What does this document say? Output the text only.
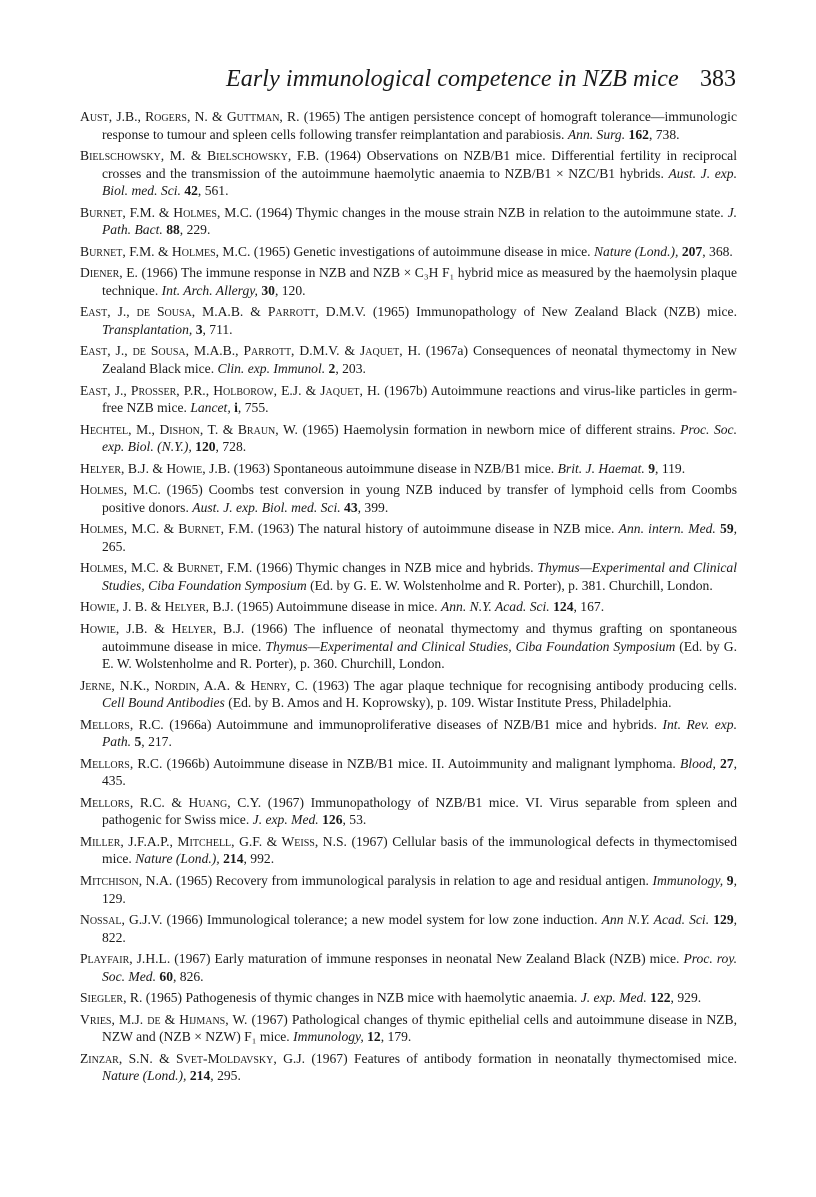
Early immunological competence in NZB mice 383
Aust, J.B., Rogers, N. & Guttman, R. (1965) The antigen persistence concept of homograft tolerance—immunologic response to tumour and spleen cells following transfer reimplantation and parabiosis. Ann. Surg. 162, 738.
Bielschowsky, M. & Bielschowsky, F.B. (1964) Observations on NZB/B1 mice. Differential fertility in reciprocal crosses and the transmission of the autoimmune haemolytic anaemia to NZB/B1 × NZC/B1 hybrids. Aust. J. exp. Biol. med. Sci. 42, 561.
Burnet, F.M. & Holmes, M.C. (1964) Thymic changes in the mouse strain NZB in relation to the autoimmune state. J. Path. Bact. 88, 229.
Burnet, F.M. & Holmes, M.C. (1965) Genetic investigations of autoimmune disease in mice. Nature (Lond.), 207, 368.
Diener, E. (1966) The immune response in NZB and NZB × C₃H F₁ hybrid mice as measured by the haemolysin plaque technique. Int. Arch. Allergy, 30, 120.
East, J., de Sousa, M.A.B. & Parrott, D.M.V. (1965) Immunopathology of New Zealand Black (NZB) mice. Transplantation, 3, 711.
East, J., de Sousa, M.A.B., Parrott, D.M.V. & Jaquet, H. (1967a) Consequences of neonatal thymectomy in New Zealand Black mice. Clin. exp. Immunol. 2, 203.
East, J., Prosser, P.R., Holborow, E.J. & Jaquet, H. (1967b) Autoimmune reactions and virus-like particles in germ-free NZB mice. Lancet, i, 755.
Hechtel, M., Dishon, T. & Braun, W. (1965) Haemolysin formation in newborn mice of different strains. Proc. Soc. exp. Biol. (N.Y.), 120, 728.
Helyer, B.J. & Howie, J.B. (1963) Spontaneous autoimmune disease in NZB/B1 mice. Brit. J. Haemat. 9, 119.
Holmes, M.C. (1965) Coombs test conversion in young NZB induced by transfer of lymphoid cells from Coombs positive donors. Aust. J. exp. Biol. med. Sci. 43, 399.
Holmes, M.C. & Burnet, F.M. (1963) The natural history of autoimmune disease in NZB mice. Ann. intern. Med. 59, 265.
Holmes, M.C. & Burnet, F.M. (1966) Thymic changes in NZB mice and hybrids. Thymus—Experimental and Clinical Studies, Ciba Foundation Symposium (Ed. by G. E. W. Wolstenholme and R. Porter), p. 381. Churchill, London.
Howie, J. B. & Helyer, B.J. (1965) Autoimmune disease in mice. Ann. N.Y. Acad. Sci. 124, 167.
Howie, J.B. & Helyer, B.J. (1966) The influence of neonatal thymectomy and thymus grafting on spontaneous autoimmune disease in mice. Thymus—Experimental and Clinical Studies, Ciba Foundation Symposium (Ed. by G. E. W. Wolstenholme and R. Porter), p. 360. Churchill, London.
Jerne, N.K., Nordin, A.A. & Henry, C. (1963) The agar plaque technique for recognising antibody producing cells. Cell Bound Antibodies (Ed. by B. Amos and H. Koprowsky), p. 109. Wistar Institute Press, Philadelphia.
Mellors, R.C. (1966a) Autoimmune and immunoproliferative diseases of NZB/B1 mice and hybrids. Int. Rev. exp. Path. 5, 217.
Mellors, R.C. (1966b) Autoimmune disease in NZB/B1 mice. II. Autoimmunity and malignant lymphoma. Blood, 27, 435.
Mellors, R.C. & Huang, C.Y. (1967) Immunopathology of NZB/B1 mice. VI. Virus separable from spleen and pathogenic for Swiss mice. J. exp. Med. 126, 53.
Miller, J.F.A.P., Mitchell, G.F. & Weiss, N.S. (1967) Cellular basis of the immunological defects in thymectomised mice. Nature (Lond.), 214, 992.
Mitchison, N.A. (1965) Recovery from immunological paralysis in relation to age and residual antigen. Immunology, 9, 129.
Nossal, G.J.V. (1966) Immunological tolerance; a new model system for low zone induction. Ann N.Y. Acad. Sci. 129, 822.
Playfair, J.H.L. (1967) Early maturation of immune responses in neonatal New Zealand Black (NZB) mice. Proc. roy. Soc. Med. 60, 826.
Siegler, R. (1965) Pathogenesis of thymic changes in NZB mice with haemolytic anaemia. J. exp. Med. 122, 929.
Vries, M.J. de & Hijmans, W. (1967) Pathological changes of thymic epithelial cells and autoimmune disease in NZB, NZW and (NZB × NZW) F₁ mice. Immunology, 12, 179.
Zinzar, S.N. & Svet-Moldavsky, G.J. (1967) Features of antibody formation in neonatally thymectomised mice. Nature (Lond.), 214, 295.
